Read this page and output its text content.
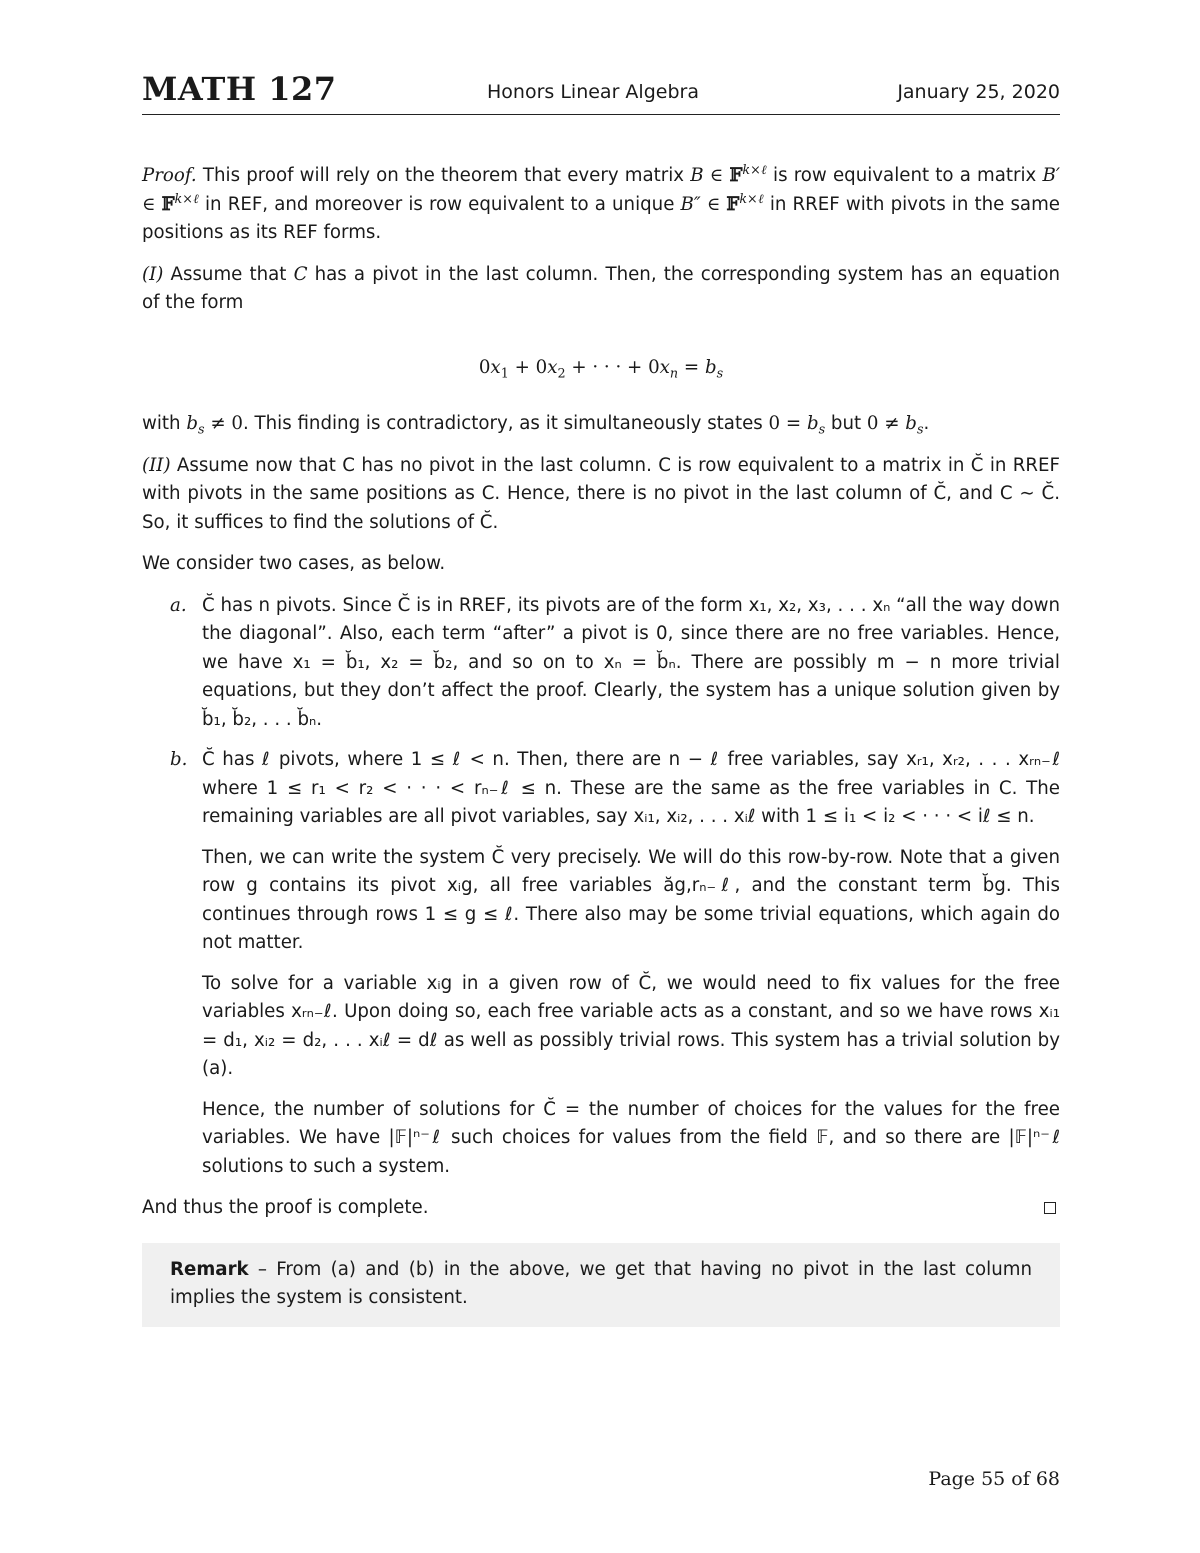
MATH 127	Honors Linear Algebra	January 25, 2020

Proof. This proof will rely on the theorem that every matrix B ∈ 𝔽$^{k\times\ell}$ is row equivalent to a matrix B′ ∈ 𝔽$^{k\times\ell}$ in REF, and moreover is row equivalent to a unique B″ ∈ 𝔽$^{k\times\ell}$ in RREF with pivots in the same positions as its REF forms.

(I) Assume that C has a pivot in the last column. Then, the corresponding system has an equation of the form

$0x_1 + 0x_2$ + · · · + $0x_n = b_s$

with $b_s \ne 0$. This finding is contradictory, as it simultaneously states $0 = b_s$ but $0 \ne b_s$.

(II) Assume now that C has no pivot in the last column. C is row equivalent to a matrix in C̆ in RREF with pivots in the same positions as C. Hence, there is no pivot in the last column of C̆, and C ∼ C̆. So, it suffices to find the solutions of C̆.

We consider two cases, as below.

a. C̆ has n pivots. Since C̆ is in RREF, its pivots are of the form x₁, x₂, x₃, . . . xₙ “all the way down the diagonal”. Also, each term “after” a pivot is 0, since there are no free variables. Hence, we have x₁ = b̆₁, x₂ = b̆₂, and so on to xₙ = b̆ₙ. There are possibly m − n more trivial equations, but they don’t affect the proof. Clearly, the system has a unique solution given by b̆₁, b̆₂, . . . b̆ₙ.

b. C̆ has ℓ pivots, where 1 ≤ ℓ < n. Then, there are n − ℓ free variables, say xᵣ₁, xᵣ₂, . . . xᵣₙ₋ℓ where 1 ≤ r₁ < r₂ < · · · < rₙ₋ℓ ≤ n. These are the same as the free variables in C. The remaining variables are all pivot variables, say xᵢ₁, xᵢ₂, . . . xᵢℓ with 1 ≤ i₁ < i₂ < · · · < iℓ ≤ n.

Then, we can write the system C̆ very precisely. We will do this row-by-row. Note that a given row g contains its pivot xᵢg, all free variables ăg,rₙ₋ℓ, and the constant term b̆g. This continues through rows 1 ≤ g ≤ ℓ. There also may be some trivial equations, which again do not matter.

To solve for a variable xᵢg in a given row of C̆, we would need to fix values for the free variables xᵣₙ₋ℓ. Upon doing so, each free variable acts as a constant, and so we have rows xᵢ₁ = d₁, xᵢ₂ = d₂, . . . xᵢℓ = dℓ as well as possibly trivial rows. This system has a trivial solution by (a).

Hence, the number of solutions for C̆ = the number of choices for the values for the free variables. We have |𝔽|ⁿ⁻ℓ such choices for values from the field 𝔽, and so there are |𝔽|ⁿ⁻ℓ solutions to such a system.

And thus the proof is complete.
Remark – From (a) and (b) in the above, we get that having no pivot in the last column implies the system is consistent.
Page 55 of 68
